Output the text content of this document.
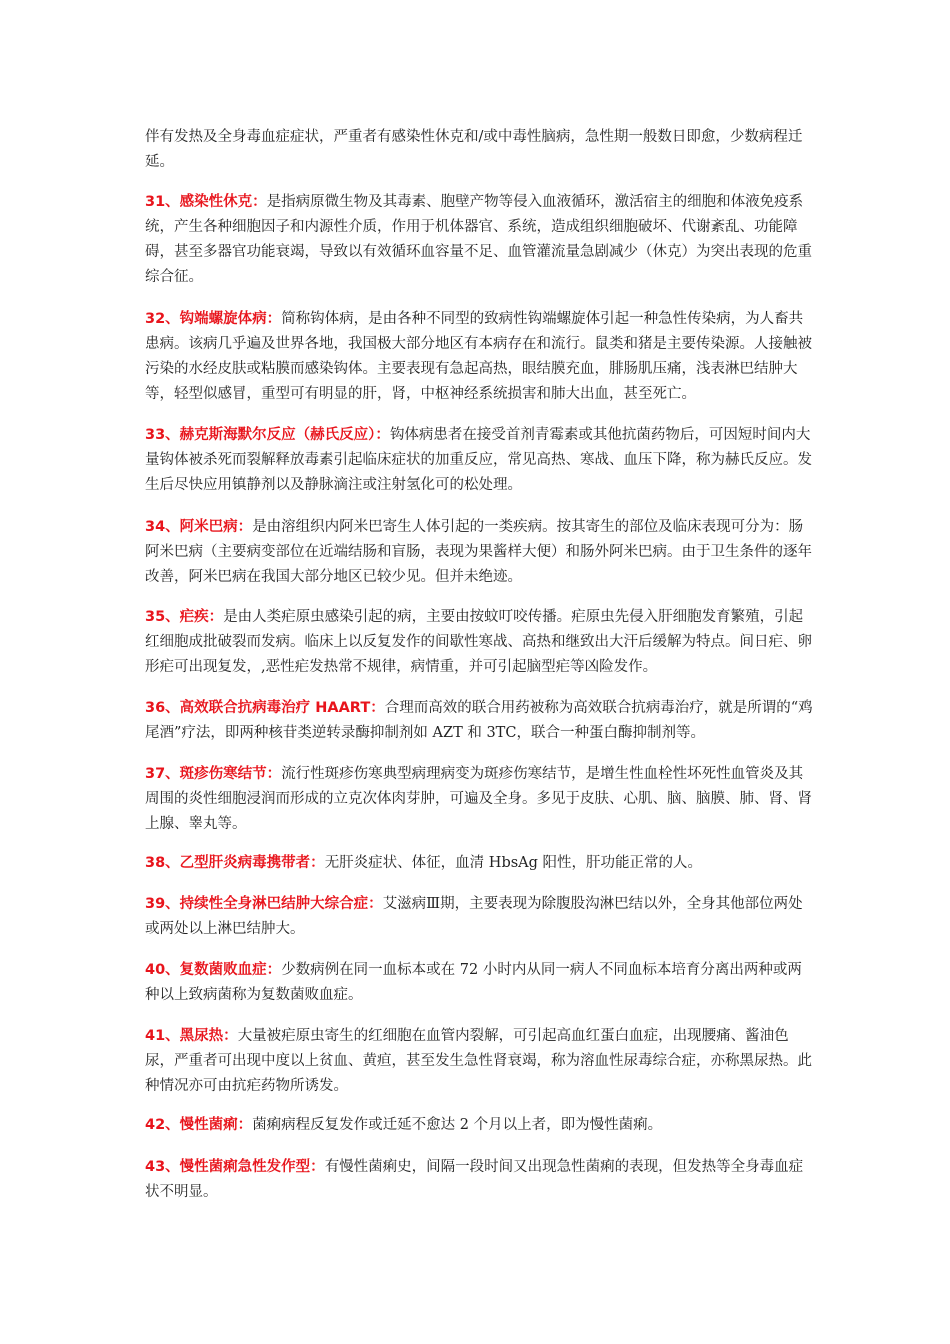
伴有发热及全身毒血症症状，严重者有感染性休克和/或中毒性脑病，急性期一般数日即愈，少数病程迁延。

31、感染性休克：是指病原微生物及其毒素、胞壁产物等侵入血液循环，激活宿主的细胞和体液免疫系统，产生各种细胞因子和内源性介质，作用于机体器官、系统，造成组织细胞破坏、代谢紊乱、功能障碍，甚至多器官功能衰竭，导致以有效循环血容量不足、血管灌流量急剧减少（休克）为突出表现的危重综合征。

32、钩端螺旋体病：简称钩体病，是由各种不同型的致病性钩端螺旋体引起一种急性传染病，为人畜共患病。该病几乎遍及世界各地，我国极大部分地区有本病存在和流行。鼠类和猪是主要传染源。人接触被污染的水经皮肤或粘膜而感染钩体。主要表现有急起高热，眼结膜充血，腓肠肌压痛，浅表淋巴结肿大等，轻型似感冒，重型可有明显的肝，肾，中枢神经系统损害和肺大出血，甚至死亡。

33、赫克斯海默尔反应（赫氏反应）：钩体病患者在接受首剂青霉素或其他抗菌药物后，可因短时间内大量钩体被杀死而裂解释放毒素引起临床症状的加重反应，常见高热、寒战、血压下降，称为赫氏反应。发生后尽快应用镇静剂以及静脉滴注或注射氢化可的松处理。

34、阿米巴病：是由溶组织内阿米巴寄生人体引起的一类疾病。按其寄生的部位及临床表现可分为：肠阿米巴病（主要病变部位在近端结肠和盲肠，表现为果酱样大便）和肠外阿米巴病。由于卫生条件的逐年改善，阿米巴病在我国大部分地区已较少见。但并未绝迹。

35、疟疾：是由人类疟原虫感染引起的病，主要由按蚊叮咬传播。疟原虫先侵入肝细胞发育繁殖，引起红细胞成批破裂而发病。临床上以反复发作的间歇性寒战、高热和继致出大汗后缓解为特点。间日疟、卵形疟可出现复发，,恶性疟发热常不规律，病情重，并可引起脑型疟等凶险发作。

36、高效联合抗病毒治疗 HAART：合理而高效的联合用药被称为高效联合抗病毒治疗，就是所谓的“鸡尾酒”疗法，即两种核苷类逆转录酶抑制剂如 AZT 和 3TC，联合一种蛋白酶抑制剂等。

37、斑疹伤寒结节：流行性斑疹伤寒典型病理病变为斑疹伤寒结节，是增生性血栓性坏死性血管炎及其周围的炎性细胞浸润而形成的立克次体肉芽肿，可遍及全身。多见于皮肤、心肌、脑、脑膜、肺、肾、肾上腺、睾丸等。

38、乙型肝炎病毒携带者：无肝炎症状、体征，血清 HbsAg 阳性，肝功能正常的人。

39、持续性全身淋巴结肿大综合症：艾滋病Ⅲ期，主要表现为除腹股沟淋巴结以外，全身其他部位两处或两处以上淋巴结肿大。

40、复数菌败血症：少数病例在同一血标本或在 72 小时内从同一病人不同血标本培育分离出两种或两种以上致病菌称为复数菌败血症。

41、黑尿热：大量被疟原虫寄生的红细胞在血管内裂解，可引起高血红蛋白血症，出现腰痛、酱油色尿，严重者可出现中度以上贫血、黄疸，甚至发生急性肾衰竭，称为溶血性尿毒综合症，亦称黑尿热。此种情况亦可由抗疟药物所诱发。

42、慢性菌痢：菌痢病程反复发作或迁延不愈达 2 个月以上者，即为慢性菌痢。

43、慢性菌痢急性发作型：有慢性菌痢史，间隔一段时间又出现急性菌痢的表现，但发热等全身毒血症状不明显。
